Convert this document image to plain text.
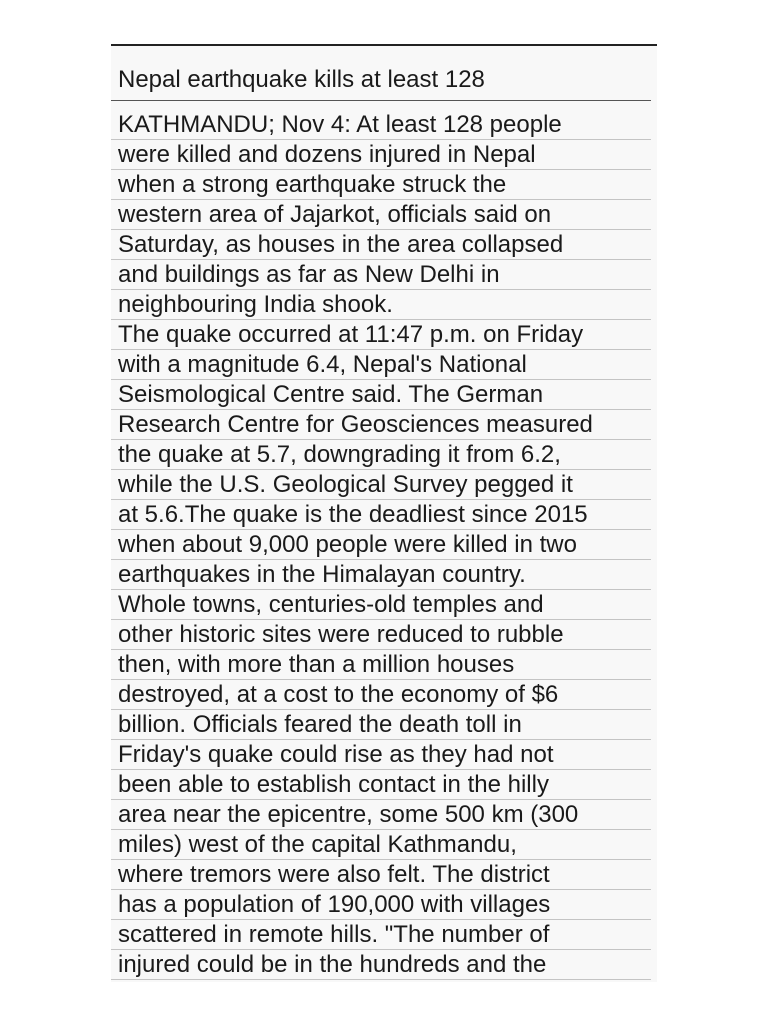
Nepal earthquake kills at least 128
KATHMANDU; Nov 4: At least 128 people
were killed and dozens injured in Nepal
when a strong earthquake struck the
western area of Jajarkot, officials said on
Saturday, as houses in the area collapsed
and buildings as far as New Delhi in
neighbouring India shook.
The quake occurred at 11:47 p.m. on Friday
with a magnitude 6.4, Nepal's National
Seismological Centre said. The German
Research Centre for Geosciences measured
the quake at 5.7, downgrading it from 6.2,
while the U.S. Geological Survey pegged it
at 5.6.The quake is the deadliest since 2015
when about 9,000 people were killed in two
earthquakes in the Himalayan country.
Whole towns, centuries-old temples and
other historic sites were reduced to rubble
then, with more than a million houses
destroyed, at a cost to the economy of $6
billion. Officials feared the death toll in
Friday's quake could rise as they had not
been able to establish contact in the hilly
area near the epicentre, some 500 km (300
miles) west of the capital Kathmandu,
where tremors were also felt. The district
has a population of 190,000 with villages
scattered in remote hills. "The number of
injured could be in the hundreds and the
